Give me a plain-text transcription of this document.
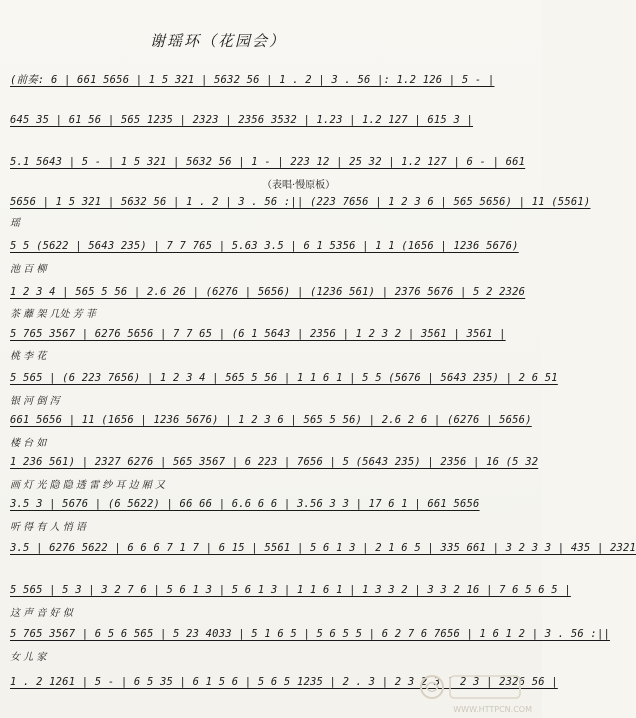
谢瑶环（花园会）
(前奏: 6 | 661 5656 | 1 5 321 | 5632 56 | 1 . 2 | 3 . 56 |: 1.2 126 | 5 - |
645 35 | 61 56 | 565 1235 | 2323 | 2356 3532 | 1.23 | 1.2 127 | 615 3 |
5.1 5643 | 5 - | 1 5 321 | 5632 56 | 1 - | 223 12 | 25 32 | 1.2 127 | 6 - | 661
（表唱·慢原板）
5656 | 1 5 321 | 5632 56 | 1 . 2 | 3 . 56 :|| (223 7656 | 1 2 3 6 | 565 5656) | 11 (5561)
瑶
5 5 (5622 | 5643 235) | 7 7 765 | 5.63 3.5 | 6 1 5356 | 1 1 (1656 | 1236 5676)
池 百 柳
1 2 3 4 | 565 5 56 | 2.6 26 | (6276 | 5656) | (1236 561) | 2376 5676 | 5 2 2326
茶 蘼 架 几处 芳 菲
5 765 3567 | 6276 5656 | 7 7 65 | (6 1 5643 | 2356 | 1 2 3 2 | 3561 | 3561 |
桃 李 花
5 565 | (6 223 7656) | 1 2 3 4 | 565 5 56 | 1 1 6 1 | 5 5 (5676 | 5643 235) | 2 6 51
银 河 倒 泻
661 5656 | 11 (1656 | 1236 5676) | 1 2 3 6 | 565 5 56) | 2.6 2 6 | (6276 | 5656)
楼 台 如
1 236 561) | 2327 6276 | 565 3567 | 6 223 | 7656 | 5 (5643 235) | 2356 | 16 (5 32
画 灯 光 隐 隐 透 雷 纱 耳 边 厢 又
3.5 3 | 5676 | (6 5622) | 66 66 | 6.6 6 6 | 3.56 3 3 | 17 6 1 | 661 5656
听 得 有 人 悄 语
3.5 | 6276 5622 | 6 6 6 7 1 7 | 6 15 | 5561 | 5 6 1 3 | 2 1 6 5 | 335 661 | 3 2 3 3 | 435 | 2321
5 565 | 5 3 | 3 2 7 6 | 5 6 1 3 | 5 6 1 3 | 1 1 6 1 | 1 3 3 2 | 3 3 2 16 | 7 6 5 6 5 |
这 声 音 好 似
5 765 3567 | 6 5 6 565 | 5 23 4033 | 5 1 6 5 | 5 6 5 5 | 6 2 7 6 7656 | 1 6 1 2 | 3 . 56 :||
女 儿 家
1 . 2 1261 | 5 - | 6 5 35 | 6 1 5 6 | 5 6 5 1235 | 2 . 3 | 2 3 2 3 | 2 3 | 2326 56 |
WWW.HTTPCN.COM
